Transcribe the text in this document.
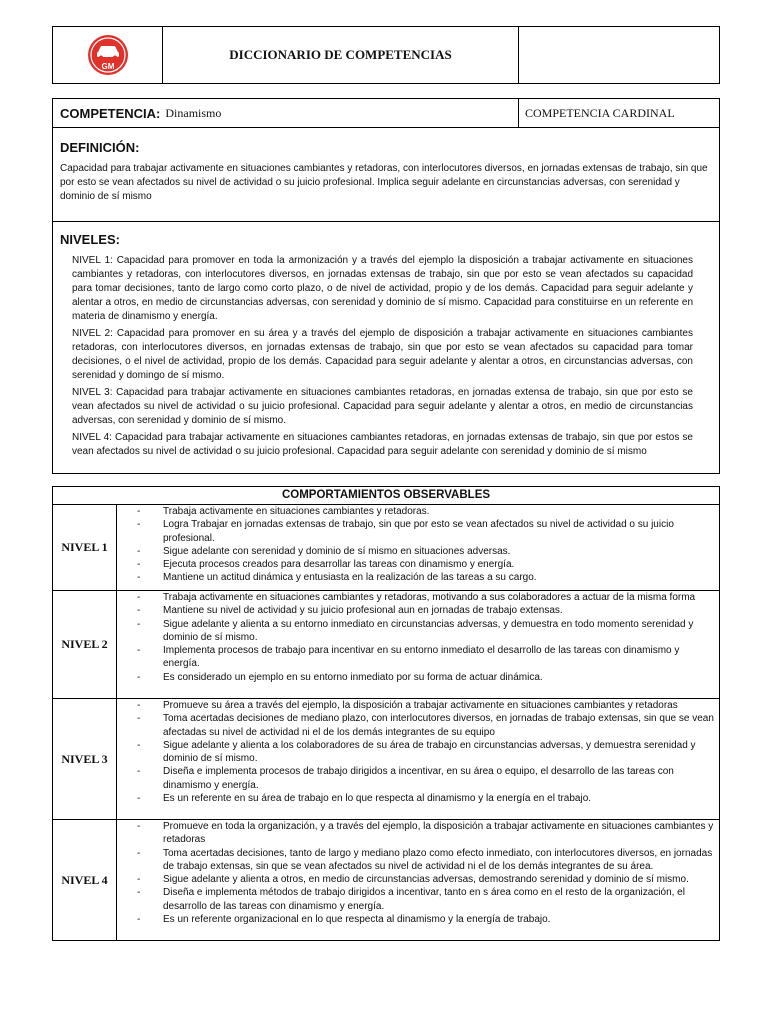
GM
DICCIONARIO DE COMPETENCIAS
COMPETENCIA: Dinamismo	COMPETENCIA CARDINAL
DEFINICIÓN:
Capacidad para trabajar activamente en situaciones cambiantes y retadoras, con interlocutores diversos, en jornadas extensas de trabajo, sin que por esto se vean afectados su nivel de actividad o su juicio profesional. Implica seguir adelante en circunstancias adversas, con serenidad y dominio de sí mismo
NIVELES:

NIVEL 1: Capacidad para promover en toda la armonización y a través del ejemplo la disposición a trabajar activamente en situaciones cambiantes y retadoras, con interlocutores diversos, en jornadas extensas de trabajo, sin que por esto se vean afectados su capacidad para tomar decisiones, tanto de largo como corto plazo, o de nivel de actividad, propio y de los demás. Capacidad para seguir adelante y alentar a otros, en medio de circunstancias adversas, con serenidad y dominio de sí mismo. Capacidad para constituirse en un referente en materia de dinamismo y energía.

NIVEL 2: Capacidad para promover en su área y a través del ejemplo de disposición a trabajar activamente en situaciones cambiantes retadoras, con interlocutores diversos, en jornadas extensas de trabajo, sin que por esto se vean afectados su capacidad para tomar decisiones, o el nivel de actividad, propio de los demás. Capacidad para seguir adelante y alentar a otros, en circunstancias adversas, con serenidad y domingo de sí mismo.

NIVEL 3: Capacidad para trabajar activamente en situaciones cambiantes retadoras, en jornadas extensa de trabajo, sin que por esto se vean afectados su nivel de actividad o su juicio profesional. Capacidad para seguir adelante y alentar a otros, en medio de circunstancias adversas, con serenidad y dominio de sí mismo.

NIVEL 4: Capacidad para trabajar activamente en situaciones cambiantes retadoras, en jornadas extensas de trabajo, sin que por estos se vean afectados su nivel de actividad o su juicio profesional. Capacidad para seguir adelante con serenidad y dominio de sí mismo

COMPORTAMIENTOS OBSERVABLES
NIVEL 1
- Trabaja activamente en situaciones cambiantes y retadoras.
- Logra Trabajar en jornadas extensas de trabajo, sin que por esto se vean afectados su nivel de actividad o su juicio profesional.
- Sigue adelante con serenidad y dominio de sí mismo en situaciones adversas.
- Ejecuta procesos creados para desarrollar las tareas con dinamismo y energía.
- Mantiene un actitud dinámica y entusiasta en la realización de las tareas a su cargo.
NIVEL 2
- Trabaja activamente en situaciones cambiantes y retadoras, motivando a sus colaboradores a actuar de la misma forma
- Mantiene su nivel de actividad y su juicio profesional aun en jornadas de trabajo extensas.
- Sigue adelante y alienta a su entorno inmediato en circunstancias adversas, y demuestra en todo momento serenidad y dominio de sí mismo.
- Implementa procesos de trabajo para incentivar en su entorno inmediato el desarrollo de las tareas con dinamismo y energía.
- Es considerado un ejemplo en su entorno inmediato por su forma de actuar dinámica.
NIVEL 3
- Promueve su área a través del ejemplo, la disposición a trabajar activamente en situaciones cambiantes y retadoras
- Toma acertadas decisiones de mediano plazo, con interlocutores diversos, en jornadas de trabajo extensas, sin que se vean afectadas su nivel de actividad ni el de los demás integrantes de su equipo
- Sigue adelante y alienta a los colaboradores de su área de trabajo en circunstancias adversas, y demuestra serenidad y dominio de sí mismo.
- Diseña e implementa procesos de trabajo dirigidos a incentivar, en su área o equipo, el desarrollo de las tareas con dinamismo y energía.
- Es un referente en su área de trabajo en lo que respecta al dinamismo y la energía en el trabajo.
NIVEL 4
- Promueve en toda la organización, y a través del ejemplo, la disposición a trabajar activamente en situaciones cambiantes y retadoras
- Toma acertadas decisiones, tanto de largo y mediano plazo como efecto inmediato, con interlocutores diversos, en jornadas de trabajo extensas, sin que se vean afectados su nivel de actividad ni el de los demás integrantes de su área.
- Sigue adelante y alienta a otros, en medio de circunstancias adversas, demostrando serenidad y dominio de sí mismo.
- Diseña e implementa métodos de trabajo dirigidos a incentivar, tanto en s área como en el resto de la organización, el desarrollo de las tareas con dinamismo y energía.
- Es un referente organizacional en lo que respecta al dinamismo y la energía de trabajo.
